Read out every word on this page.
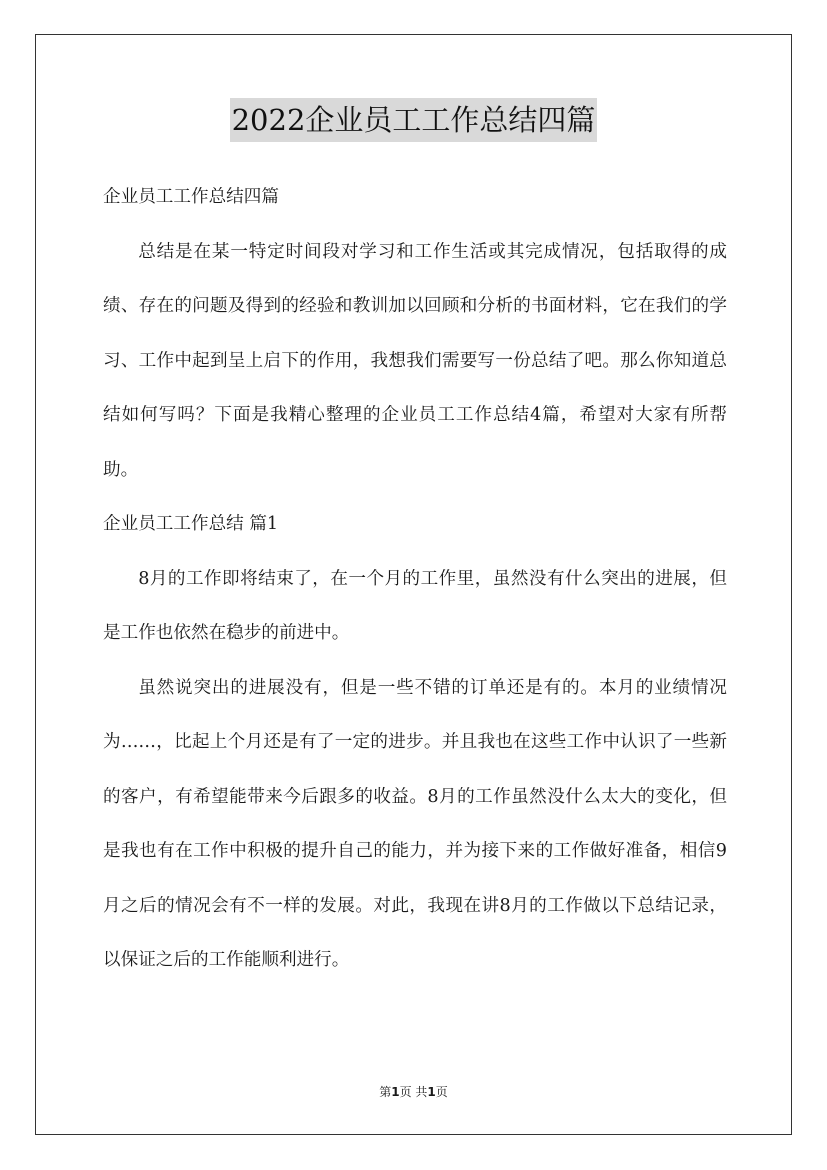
2022企业员工工作总结四篇

企业员工工作总结四篇

总结是在某一特定时间段对学习和工作生活或其完成情况，包括取得的成绩、存在的问题及得到的经验和教训加以回顾和分析的书面材料，它在我们的学习、工作中起到呈上启下的作用，我想我们需要写一份总结了吧。那么你知道总结如何写吗？下面是我精心整理的企业员工工作总结4篇，希望对大家有所帮助。

企业员工工作总结 篇1

8月的工作即将结束了，在一个月的工作里，虽然没有什么突出的进展，但是工作也依然在稳步的前进中。

虽然说突出的进展没有，但是一些不错的订单还是有的。本月的业绩情况为……，比起上个月还是有了一定的进步。并且我也在这些工作中认识了一些新的客户，有希望能带来今后跟多的收益。8月的工作虽然没什么太大的变化，但是我也有在工作中积极的提升自己的能力，并为接下来的工作做好准备，相信9月之后的情况会有不一样的发展。对此，我现在讲8月的工作做以下总结记录，以保证之后的工作能顺利进行。

第1页 共1页
